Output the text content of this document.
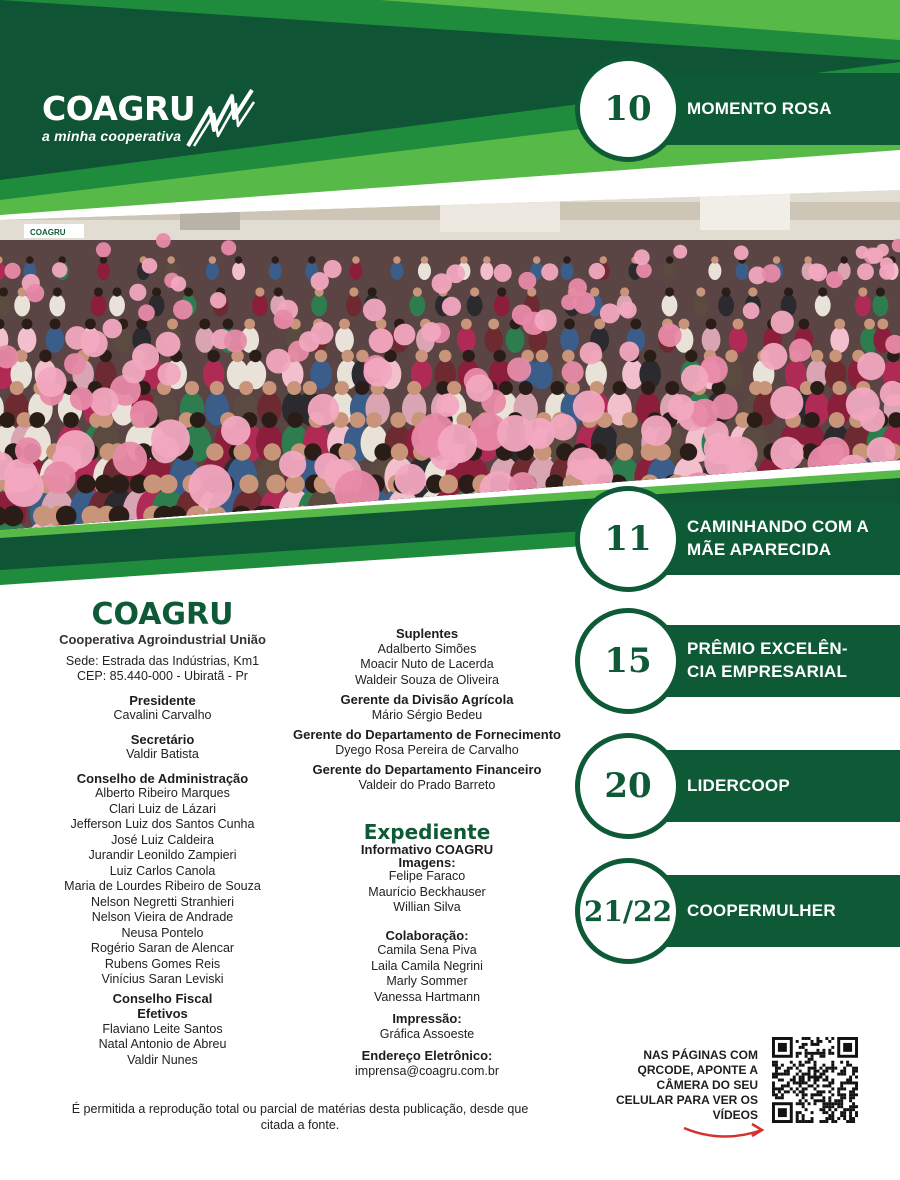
COAGRU
a minha cooperativa
COAGRU
10	MOMENTO ROSA
11	CAMINHANDO COM A MÃE APARECIDA
15	PRÊMIO EXCELÊN-CIA EMPRESARIAL
20	LIDERCOOP
21/22 COOPERMULHER
COAGRU
Cooperativa Agroindustrial União
Sede: Estrada das Indústrias, Km1
CEP: 85.440-000 - Ubiratã - Pr
Presidente
Cavalini Carvalho
Secretário
Valdir Batista
Conselho de Administração
Alberto Ribeiro Marques
Clari Luiz de Lázari
Jefferson Luiz dos Santos Cunha
José Luiz Caldeira
Jurandir Leonildo Zampieri
Luiz Carlos Canola
Maria de Lourdes Ribeiro de Souza
Nelson Negretti Stranhieri
Nelson Vieira de Andrade
Neusa Pontelo
Rogério Saran de Alencar
Rubens Gomes Reis
Vinícius Saran Leviski
Conselho Fiscal
Efetivos
Flaviano Leite Santos
Natal Antonio de Abreu
Valdir Nunes
Suplentes
Adalberto Simões
Moacir Nuto de Lacerda
Waldeir Souza de Oliveira
Gerente da Divisão Agrícola
Mário Sérgio Bedeu
Gerente do Departamento de Fornecimento
Dyego Rosa Pereira de Carvalho
Gerente do Departamento Financeiro
Valdeir do Prado Barreto
Expediente
Informativo COAGRU
Imagens:
Felipe Faraco
Maurício Beckhauser
Willian Silva
Colaboração:
Camila Sena Piva
Laila Camila Negrini
Marly Sommer
Vanessa Hartmann
Impressão:
Gráfica Assoeste
Endereço Eletrônico:
imprensa@coagru.com.br
NAS PÁGINAS COM QRCODE, APONTE A CÂMERA DO SEU CELULAR PARA VER OS VÍDEOS
É permitida a reprodução total ou parcial de matérias desta publicação, desde que citada a fonte.
